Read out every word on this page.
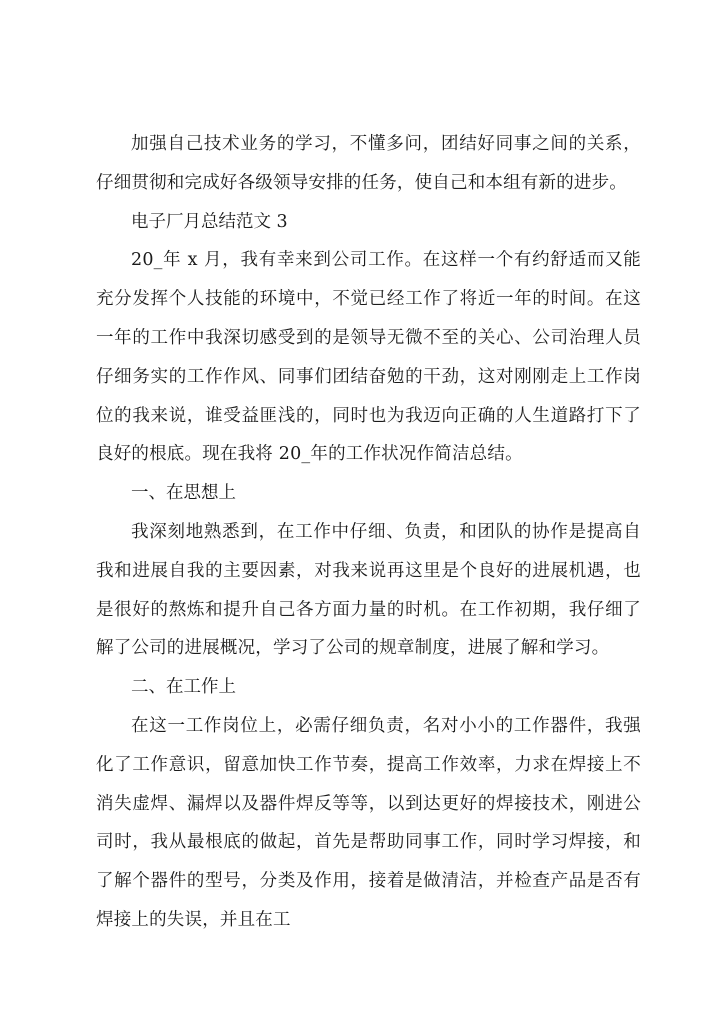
加强自己技术业务的学习，不懂多问，团结好同事之间的关系，仔细贯彻和完成好各级领导安排的任务，使自己和本组有新的进步。

电子厂月总结范文 3

20_年 x 月，我有幸来到公司工作。在这样一个有约舒适而又能充分发挥个人技能的环境中，不觉已经工作了将近一年的时间。在这一年的工作中我深切感受到的是领导无微不至的关心、公司治理人员仔细务实的工作作风、同事们团结奋勉的干劲，这对刚刚走上工作岗位的我来说，谁受益匪浅的，同时也为我迈向正确的人生道路打下了良好的根底。现在我将 20_年的工作状况作简洁总结。

一、在思想上

我深刻地熟悉到，在工作中仔细、负责，和团队的协作是提高自我和进展自我的主要因素，对我来说再这里是个良好的进展机遇，也是很好的熬炼和提升自己各方面力量的时机。在工作初期，我仔细了解了公司的进展概况，学习了公司的规章制度，进展了解和学习。

二、在工作上

在这一工作岗位上，必需仔细负责，名对小小的工作器件，我强化了工作意识，留意加快工作节奏，提高工作效率，力求在焊接上不消失虚焊、漏焊以及器件焊反等等，以到达更好的焊接技术，刚进公司时，我从最根底的做起，首先是帮助同事工作，同时学习焊接，和了解个器件的型号，分类及作用，接着是做清洁，并检查产品是否有焊接上的失误，并且在工
